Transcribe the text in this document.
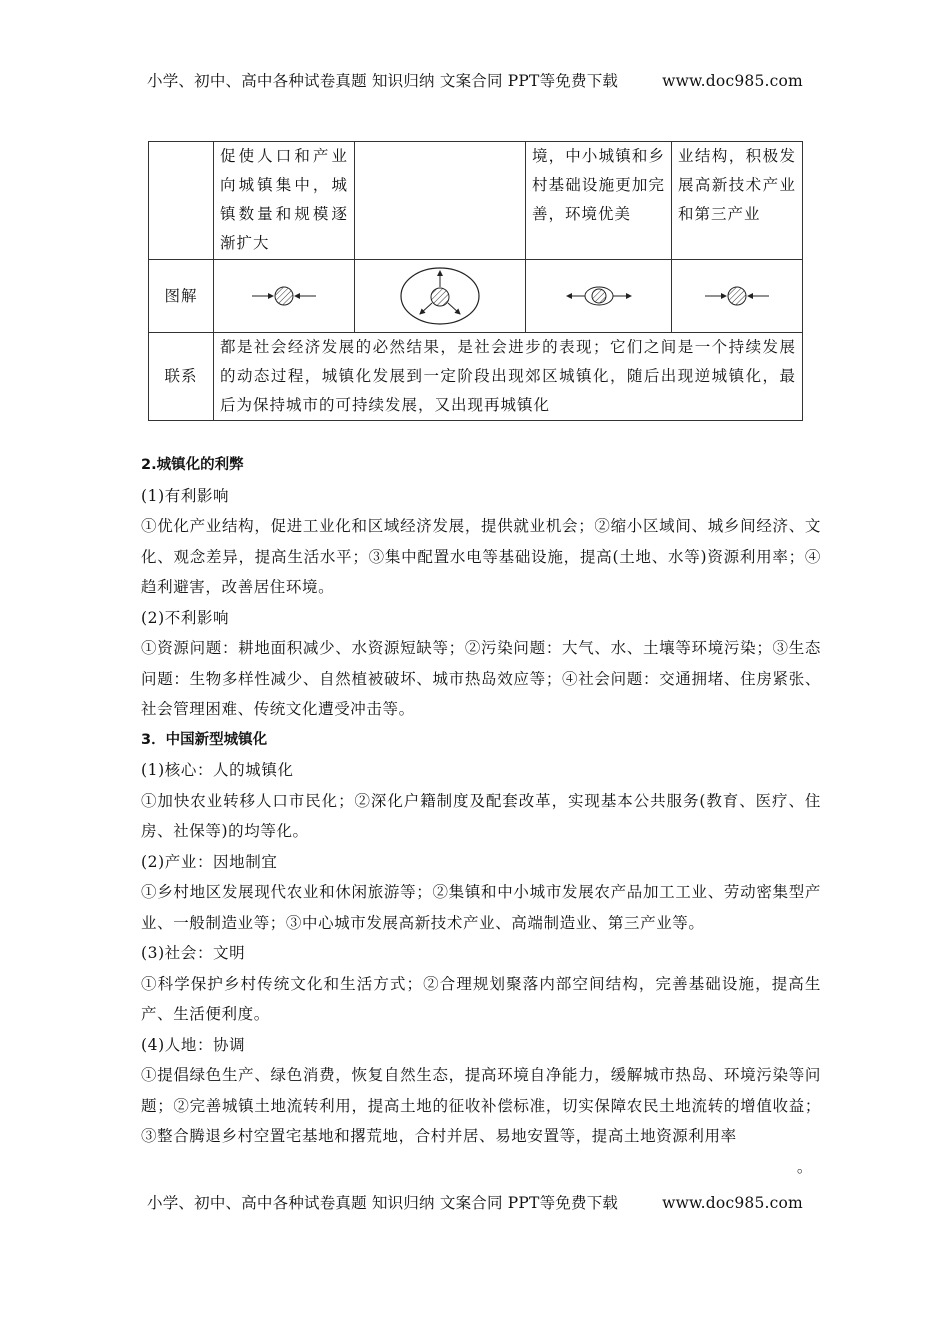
小学、初中、高中各种试卷真题 知识归纳 文案合同 PPT等免费下载	www.doc985.com
	促使人口和产业向城镇集中，城镇数量和规模逐渐扩大		境，中小城镇和乡村基础设施更加完善，环境优美	业结构，积极发展高新技术产业和第三产业
图解	

联系	都是社会经济发展的必然结果，是社会进步的表现；它们之间是一个持续发展的动态过程，城镇化发展到一定阶段出现郊区城镇化，随后出现逆城镇化，最后为保持城市的可持续发展，又出现再城镇化			

2.城镇化的利弊

(1)有利影响

①优化产业结构，促进工业化和区域经济发展，提供就业机会；②缩小区域间、城乡间经济、文化、观念差异，提高生活水平；③集中配置水电等基础设施，提高(土地、水等)资源利用率；④趋利避害，改善居住环境。

(2)不利影响

①资源问题：耕地面积减少、水资源短缺等；②污染问题：大气、水、土壤等环境污染；③生态问题：生物多样性减少、自然植被破坏、城市热岛效应等；④社会问题：交通拥堵、住房紧张、社会管理困难、传统文化遭受冲击等。

3．中国新型城镇化

(1)核心：人的城镇化

①加快农业转移人口市民化；②深化户籍制度及配套改革，实现基本公共服务(教育、医疗、住房、社保等)的均等化。

(2)产业：因地制宜

①乡村地区发展现代农业和休闲旅游等；②集镇和中小城市发展农产品加工工业、劳动密集型产业、一般制造业等；③中心城市发展高新技术产业、高端制造业、第三产业等。

(3)社会：文明

①科学保护乡村传统文化和生活方式；②合理规划聚落内部空间结构，完善基础设施，提高生产、生活便利度。

(4)人地：协调

①提倡绿色生产、绿色消费，恢复自然生态，提高环境自净能力，缓解城市热岛、环境污染等问题；②完善城镇土地流转利用，提高土地的征收补偿标准，切实保障农民土地流转的增值收益；③整合腾退乡村空置宅基地和撂荒地，合村并居、易地安置等，提高土地资源利用率

。

小学、初中、高中各种试卷真题 知识归纳 文案合同 PPT等免费下载	www.doc985.com
